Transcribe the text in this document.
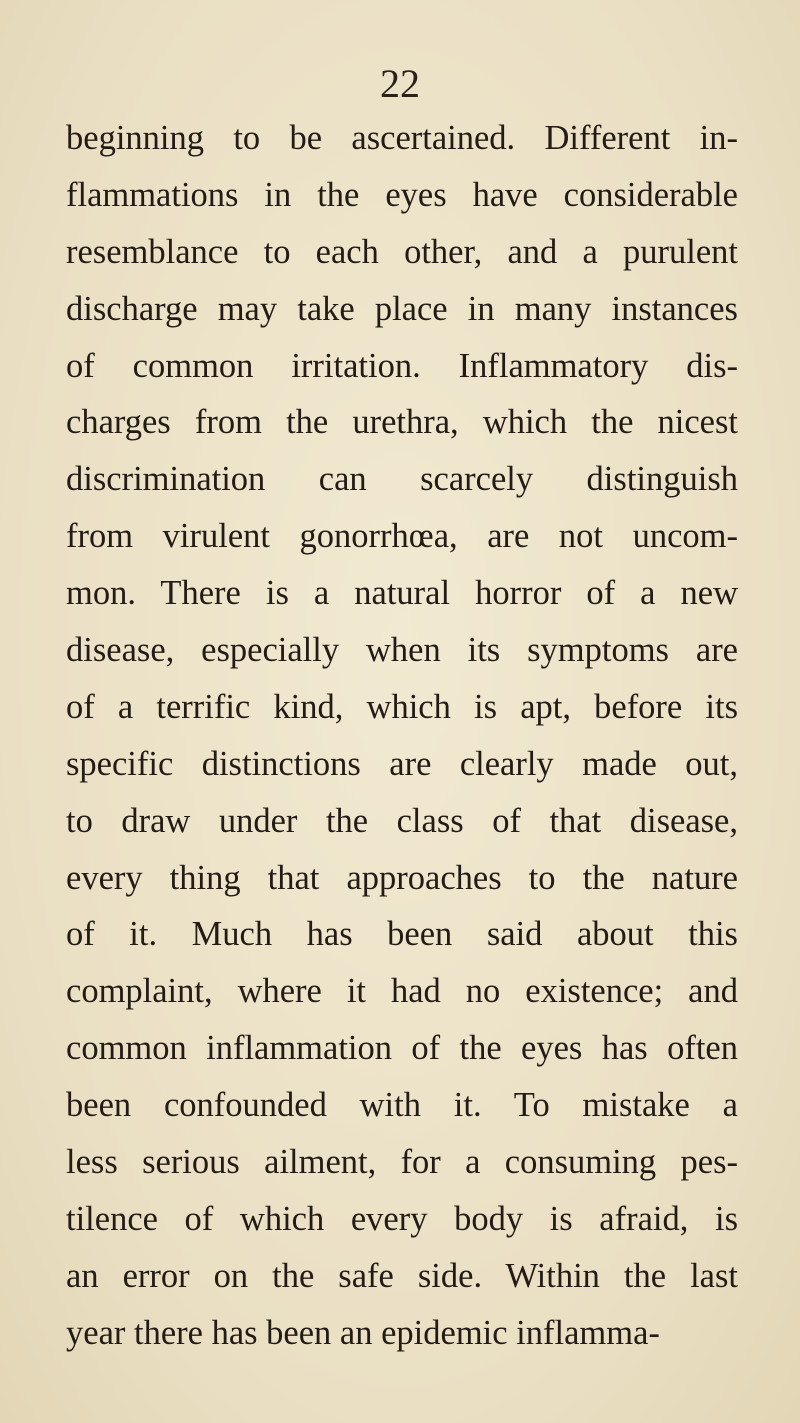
22
beginning to be ascertained. Different in-
flammations in the eyes have considerable
resemblance to each other, and a purulent
discharge may take place in many instances
of common irritation. Inflammatory dis-
charges from the urethra, which the nicest
discrimination can scarcely distinguish
from virulent gonorrhœa, are not uncom-
mon. There is a natural horror of a new
disease, especially when its symptoms are
of a terrific kind, which is apt, before its
specific distinctions are clearly made out,
to draw under the class of that disease,
every thing that approaches to the nature
of it. Much has been said about this
complaint, where it had no existence; and
common inflammation of the eyes has often
been confounded with it. To mistake a
less serious ailment, for a consuming pes-
tilence of which every body is afraid, is
an error on the safe side. Within the last
year there has been an epidemic inflamma-
